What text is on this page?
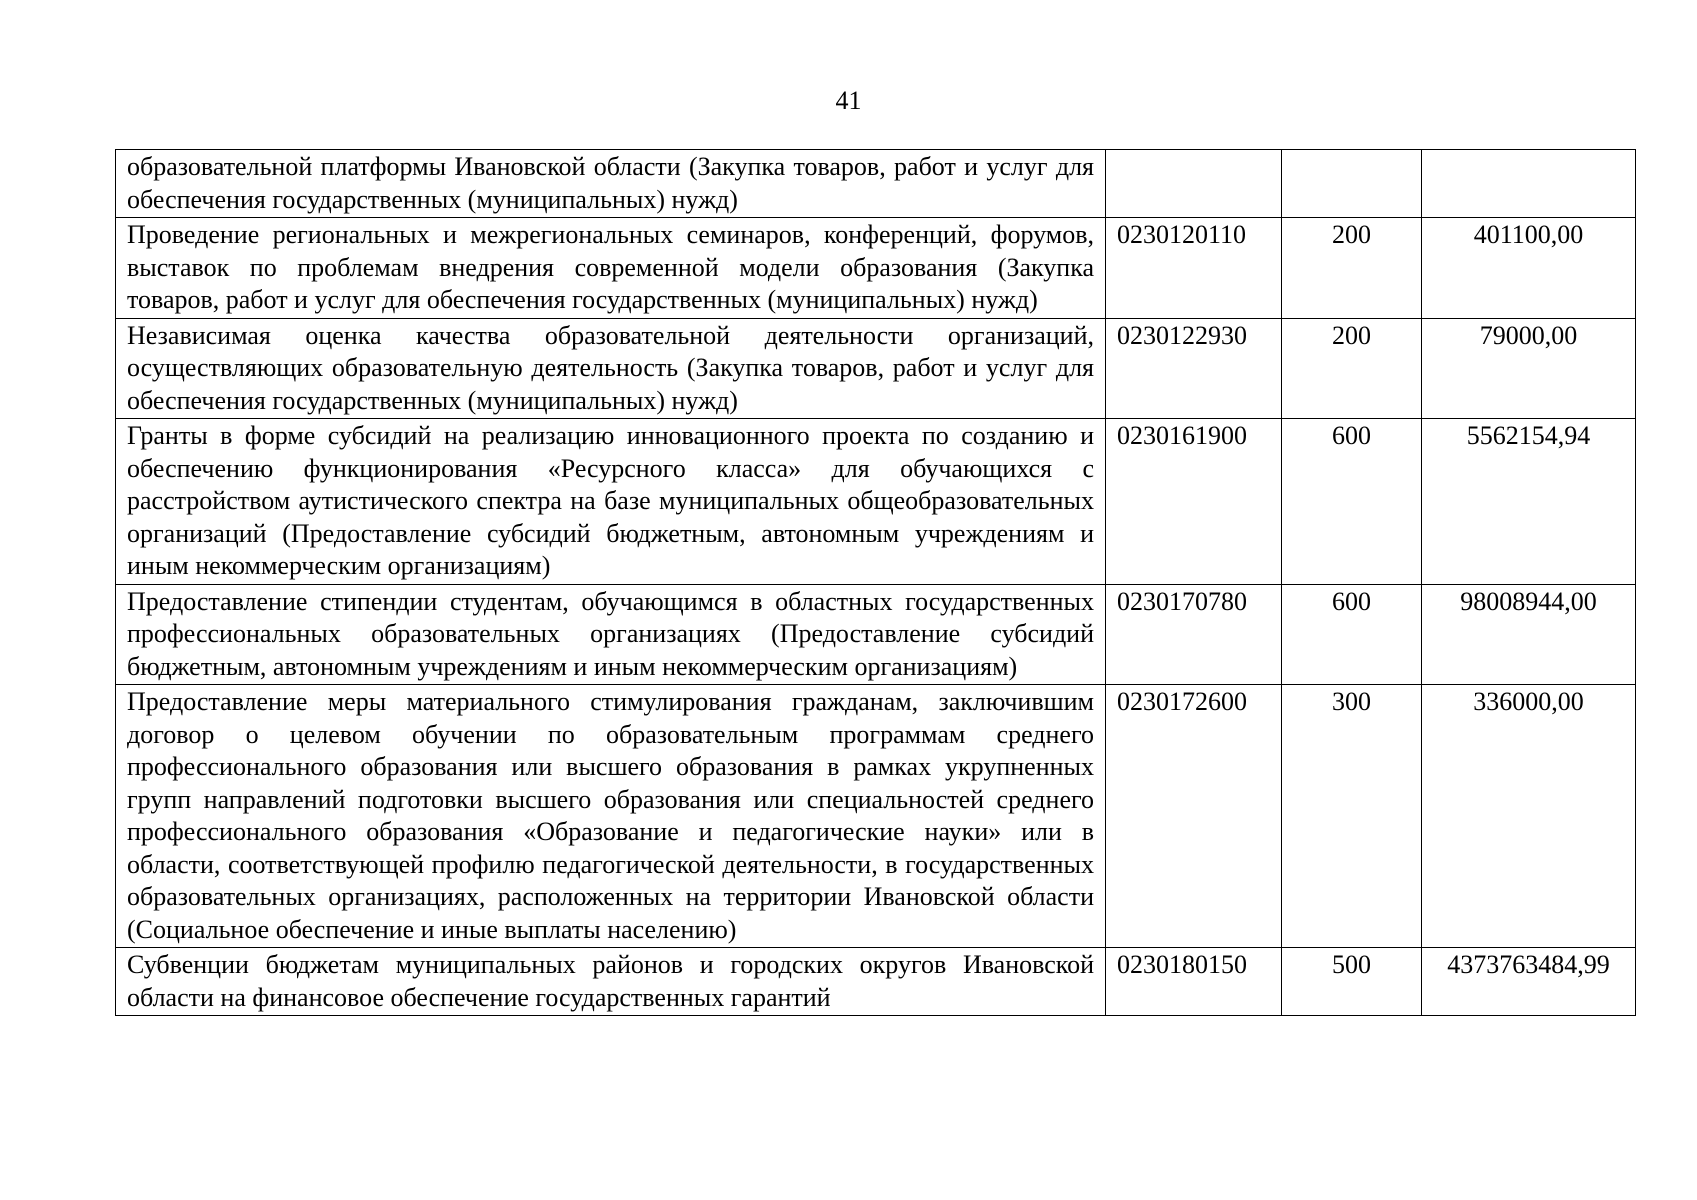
41
образовательной платформы Ивановской области (Закупка товаров, работ и услуг для обеспечения государственных (муниципальных) нужд)			
Проведение региональных и межрегиональных семинаров, конференций, форумов, выставок по проблемам внедрения современной модели образования (Закупка товаров, работ и услуг для обеспечения государственных (муниципальных) нужд)	0230120110	200	401100,00
Независимая оценка качества образовательной деятельности организаций, осуществляющих образовательную деятельность (Закупка товаров, работ и услуг для обеспечения государственных (муниципальных) нужд)	0230122930	200	79000,00
Гранты в форме субсидий на реализацию инновационного проекта по созданию и обеспечению функционирования «Ресурсного класса» для обучающихся с расстройством аутистического спектра на базе муниципальных общеобразовательных организаций (Предоставление субсидий бюджетным, автономным учреждениям и иным некоммерческим организациям)	0230161900	600	5562154,94
Предоставление стипендии студентам, обучающимся в областных государственных профессиональных образовательных организациях (Предоставление субсидий бюджетным, автономным учреждениям и иным некоммерческим организациям)	0230170780	600	98008944,00
Предоставление меры материального стимулирования гражданам, заключившим договор о целевом обучении по образовательным программам среднего профессионального образования или высшего образования в рамках укрупненных групп направлений подготовки высшего образования или специальностей среднего профессионального образования «Образование и педагогические науки» или в области, соответствующей профилю педагогической деятельности, в государственных образовательных организациях, расположенных на территории Ивановской области (Социальное обеспечение и иные выплаты населению)	0230172600	300	336000,00
Субвенции бюджетам муниципальных районов и городских округов Ивановской области на финансовое обеспечение государственных гарантий	0230180150	500	4373763484,99
